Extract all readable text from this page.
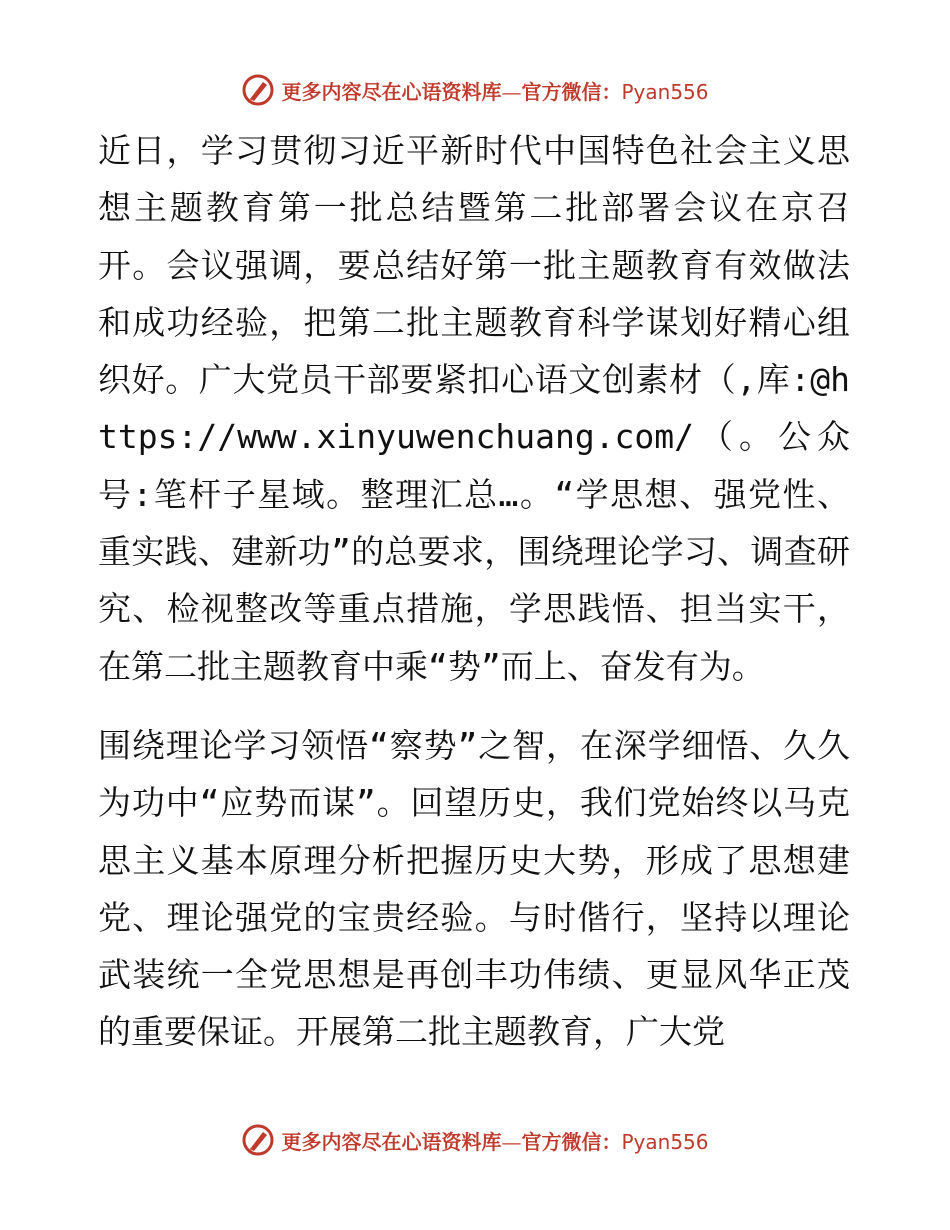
更多内容尽在心语资料库—官方微信：Pyan556

近日，学习贯彻习近平新时代中国特色社会主义思想主题教育第一批总结暨第二批部署会议在京召开。会议强调，要总结好第一批主题教育有效做法和成功经验，把第二批主题教育科学谋划好精心组织好。广大党员干部要紧扣心语文创素材（,库:@https://www.xinyuwenchuang.com/（。公众号:笔杆子星域。整理汇总…。“学思想、强党性、重实践、建新功”的总要求，围绕理论学习、调查研究、检视整改等重点措施，学思践悟、担当实干，在第二批主题教育中乘“势”而上、奋发有为。

围绕理论学习领悟“察势”之智，在深学细悟、久久为功中“应势而谋”。回望历史，我们党始终以马克思主义基本原理分析把握历史大势，形成了思想建党、理论强党的宝贵经验。与时偕行，坚持以理论武装统一全党思想是再创丰功伟绩、更显风华正茂的重要保证。开展第二批主题教育，广大党

更多内容尽在心语资料库—官方微信：Pyan556
